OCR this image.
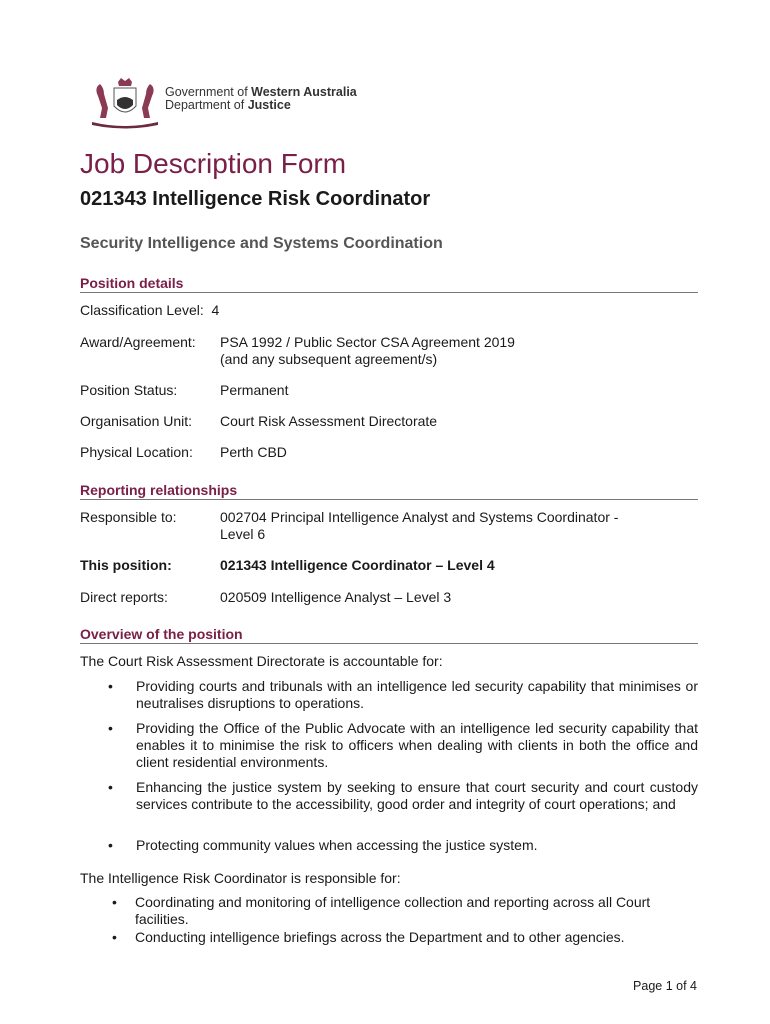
Government of Western Australia
Department of Justice
Job Description Form
021343 Intelligence Risk Coordinator
Security Intelligence and Systems Coordination
Position details
Classification Level: 4
Award/Agreement: PSA 1992 / Public Sector CSA Agreement 2019
(and any subsequent agreement/s)
Position Status:	Permanent
Organisation Unit: Court Risk Assessment Directorate
Physical Location: Perth CBD
Reporting relationships
Responsible to:	002704 Principal Intelligence Analyst and Systems Coordinator -
Level 6
This position:	021343 Intelligence Coordinator – Level 4
Direct reports:	020509 Intelligence Analyst – Level 3
Overview of the position
The Court Risk Assessment Directorate is accountable for:
• Providing courts and tribunals with an intelligence led security capability that minimises or neutralises disruptions to operations.
• Providing the Office of the Public Advocate with an intelligence led security capability that enables it to minimise the risk to officers when dealing with clients in both the office and client residential environments.
• Enhancing the justice system by seeking to ensure that court security and court custody services contribute to the accessibility, good order and integrity of court operations; and
• Protecting community values when accessing the justice system.
The Intelligence Risk Coordinator is responsible for:
• Coordinating and monitoring of intelligence collection and reporting across all Court facilities.
• Conducting intelligence briefings across the Department and to other agencies.
Page 1 of 4
